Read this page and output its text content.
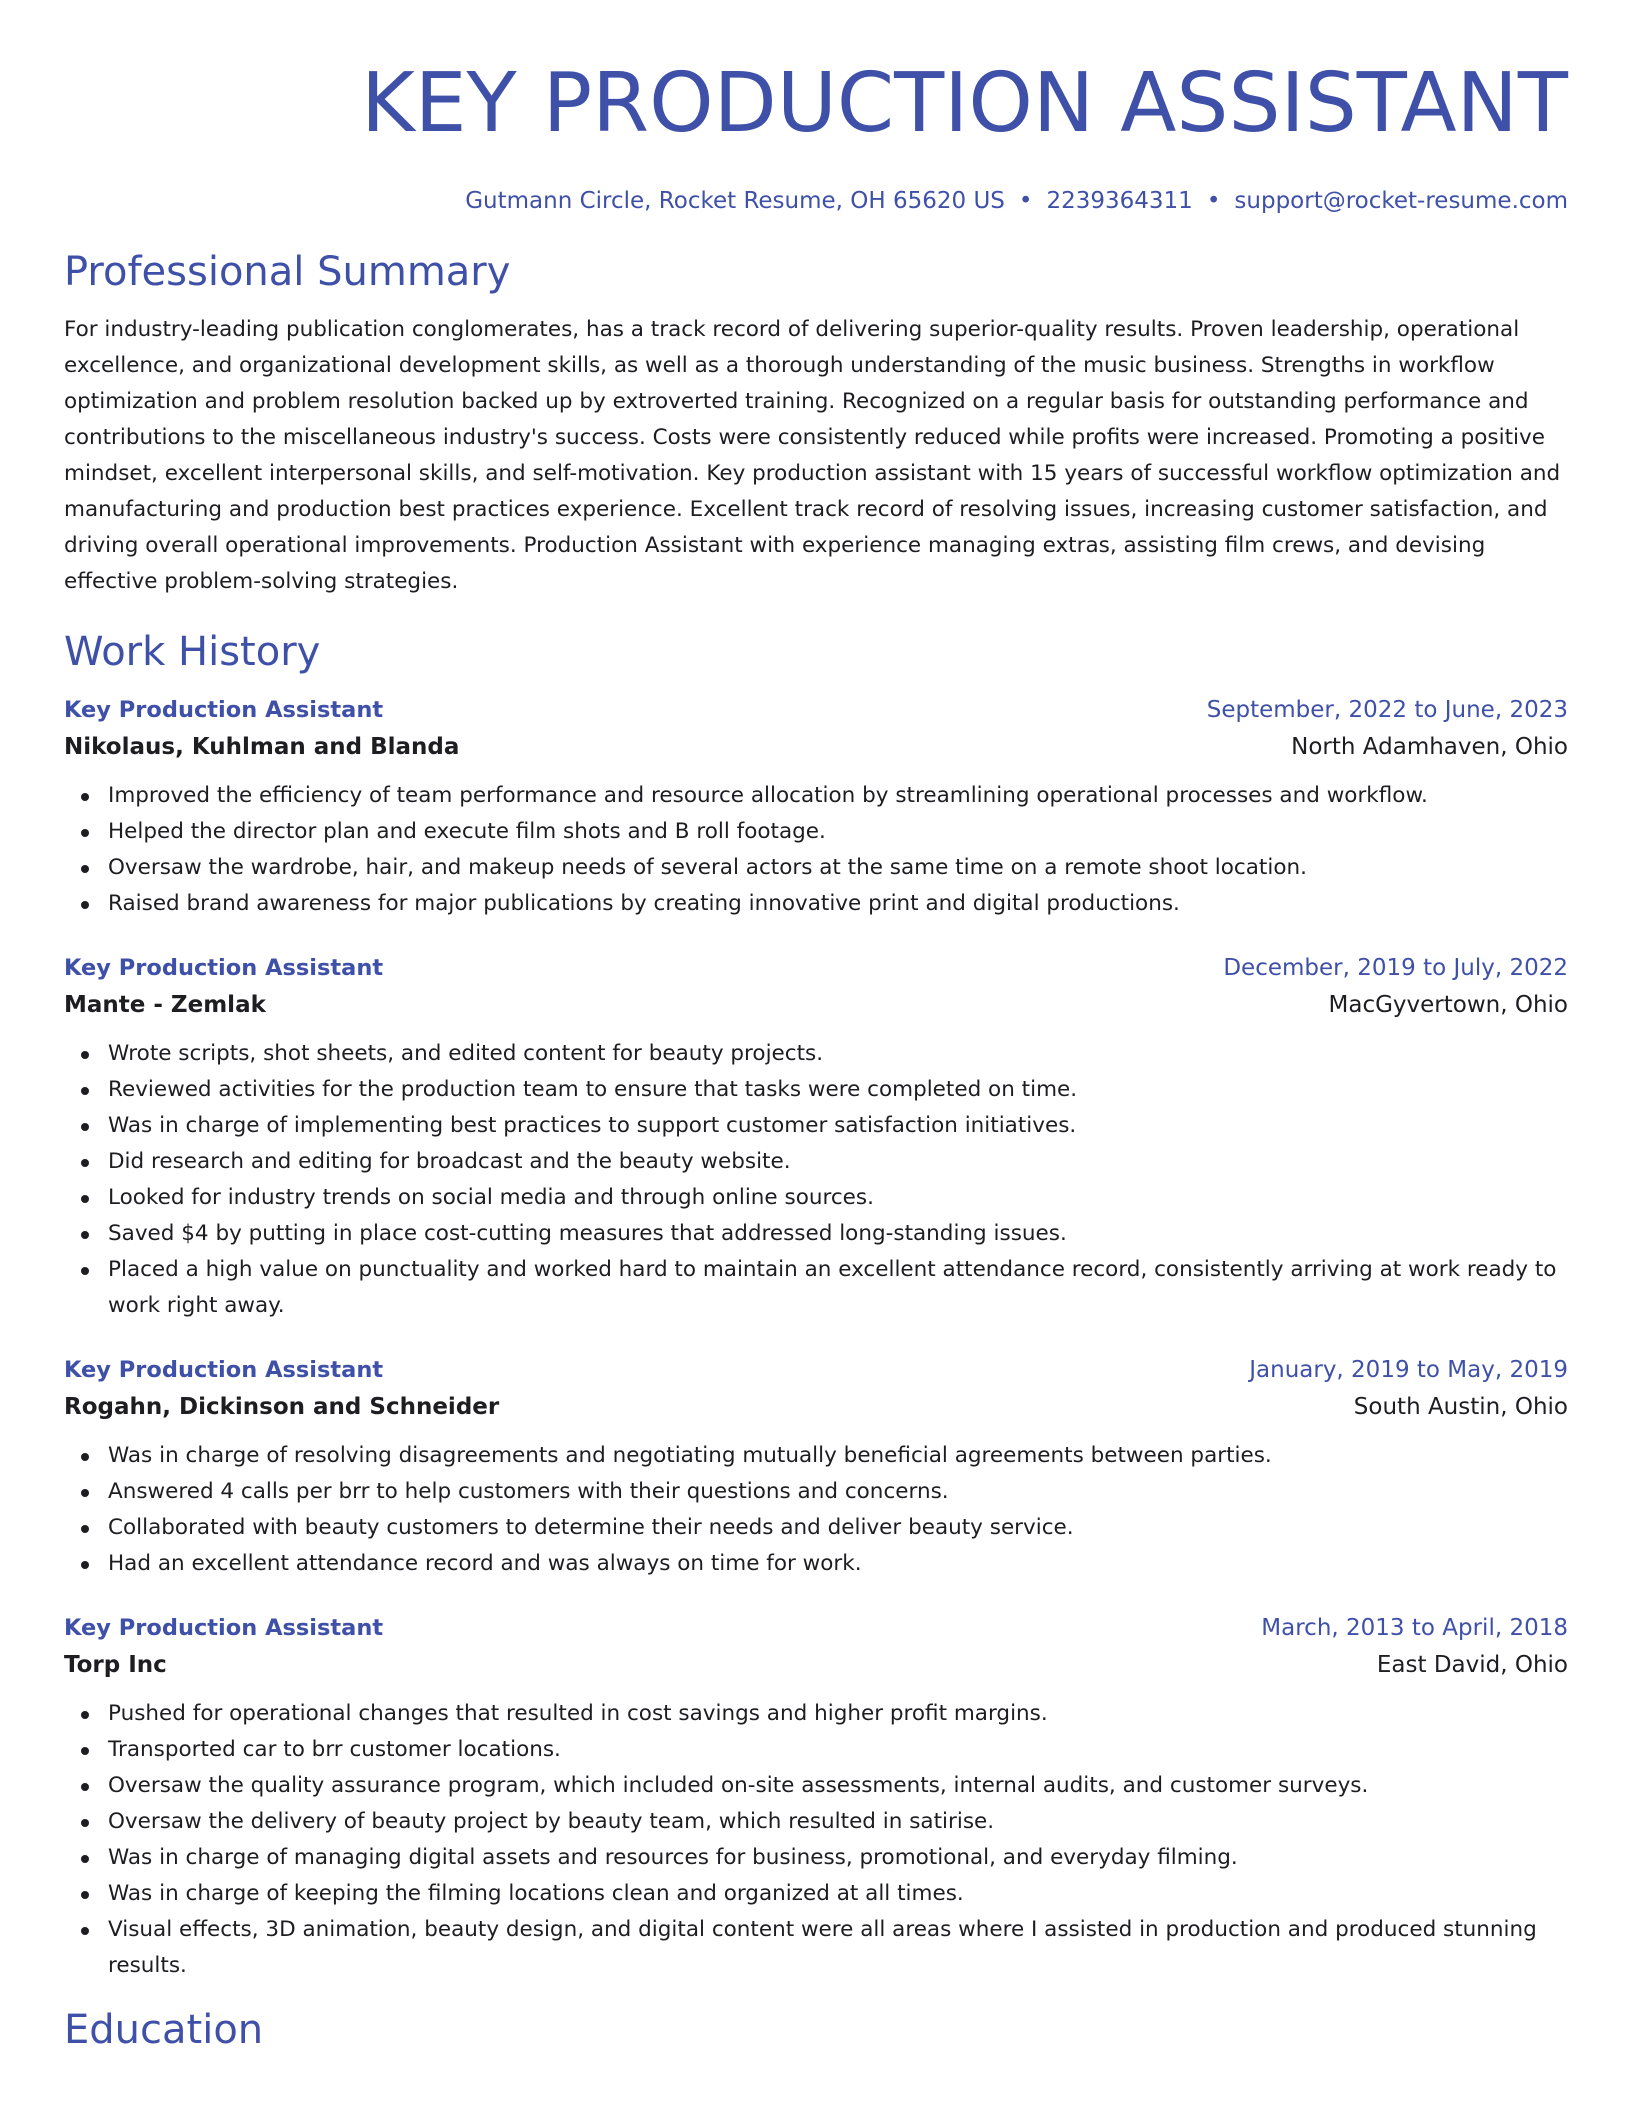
KEY PRODUCTION ASSISTANT
Gutmann Circle, Rocket Resume, OH 65620 US • 2239364311 • support@rocket-resume.com
Professional Summary
For industry-leading publication conglomerates, has a track record of delivering superior-quality results. Proven leadership, operational excellence, and organizational development skills, as well as a thorough understanding of the music business. Strengths in workflow optimization and problem resolution backed up by extroverted training. Recognized on a regular basis for outstanding performance and contributions to the miscellaneous industry's success. Costs were consistently reduced while profits were increased. Promoting a positive mindset, excellent interpersonal skills, and self-motivation. Key production assistant with 15 years of successful workflow optimization and manufacturing and production best practices experience. Excellent track record of resolving issues, increasing customer satisfaction, and driving overall operational improvements. Production Assistant with experience managing extras, assisting film crews, and devising effective problem-solving strategies.
Work History
Key Production Assistant	September, 2022 to June, 2023
Nikolaus, Kuhlman and Blanda	North Adamhaven, Ohio
Improved the efficiency of team performance and resource allocation by streamlining operational processes and workflow.
Helped the director plan and execute film shots and B roll footage.
Oversaw the wardrobe, hair, and makeup needs of several actors at the same time on a remote shoot location.
Raised brand awareness for major publications by creating innovative print and digital productions.
Key Production Assistant	December, 2019 to July, 2022
Mante - Zemlak	MacGyvertown, Ohio
Wrote scripts, shot sheets, and edited content for beauty projects.
Reviewed activities for the production team to ensure that tasks were completed on time.
Was in charge of implementing best practices to support customer satisfaction initiatives.
Did research and editing for broadcast and the beauty website.
Looked for industry trends on social media and through online sources.
Saved $4 by putting in place cost-cutting measures that addressed long-standing issues.
Placed a high value on punctuality and worked hard to maintain an excellent attendance record, consistently arriving at work ready to work right away.
Key Production Assistant	January, 2019 to May, 2019
Rogahn, Dickinson and Schneider	South Austin, Ohio
Was in charge of resolving disagreements and negotiating mutually beneficial agreements between parties.
Answered 4 calls per brr to help customers with their questions and concerns.
Collaborated with beauty customers to determine their needs and deliver beauty service.
Had an excellent attendance record and was always on time for work.
Key Production Assistant	March, 2013 to April, 2018
Torp Inc	East David, Ohio
Pushed for operational changes that resulted in cost savings and higher profit margins.
Transported car to brr customer locations.
Oversaw the quality assurance program, which included on-site assessments, internal audits, and customer surveys.
Oversaw the delivery of beauty project by beauty team, which resulted in satirise.
Was in charge of managing digital assets and resources for business, promotional, and everyday filming.
Was in charge of keeping the filming locations clean and organized at all times.
Visual effects, 3D animation, beauty design, and digital content were all areas where I assisted in production and produced stunning results.
Education
